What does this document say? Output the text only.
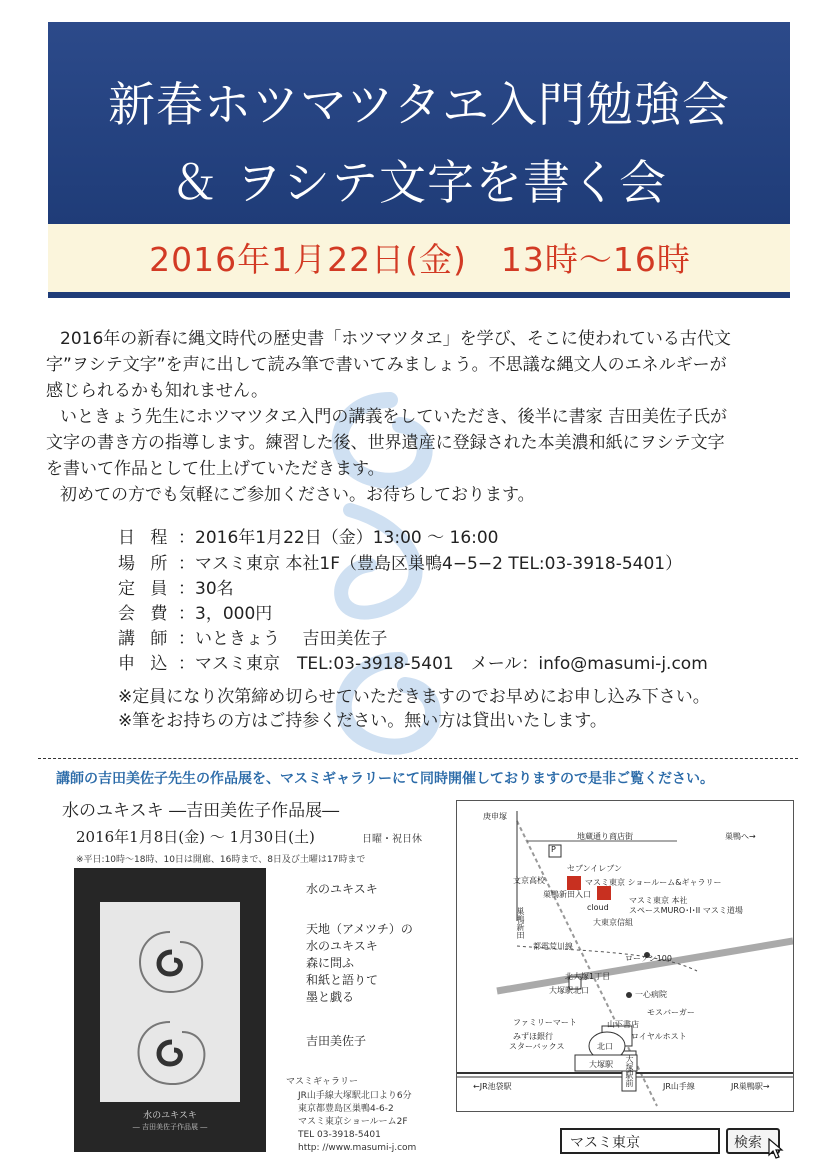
新春ホツマツタヱ入門勉強会
＆ ヲシテ文字を書く会
2016年1月22日(金)　13時～16時
2016年の新春に縄文時代の歴史書「ホツマツタヱ」を学び、そこに使われている古代文
字”ヲシテ文字”を声に出して読み筆で書いてみましょう。不思議な縄文人のエネルギーが
感じられるかも知れません。
いときょう先生にホツマツタヱ入門の講義をしていただき、後半に書家 吉田美佐子氏が
文字の書き方の指導します。練習した後、世界遺産に登録された本美濃和紙にヲシテ文字
を書いて作品として仕上げていただきます。
初めての方でも気軽にご参加ください。お待ちしております。
日 程 ：2016年1月22日（金）13:00 ～ 16:00
場 所 ：マスミ東京 本社1F（豊島区巣鴨4−5−2 TEL:03-3918-5401）
定 員 ：30名
会 費 ：3，000円
講 師 ：いときょう　 吉田美佐子
申 込 ：マスミ東京　TEL:03-3918-5401　メール：info@masumi-j.com
※定員になり次第締め切らせていただきますのでお早めにお申し込み下さい。
※筆をお持ちの方はご持参ください。無い方は貸出いたします。
講師の吉田美佐子先生の作品展を、マスミギャラリーにて同時開催しておりますので是非ご覧ください。
水のユキスキ ―吉田美佐子作品展―
2016年1月8日(金) ～ 1月30日(土)	日曜・祝日休
※平日:10時～18時、10日は開廊、16時まで、8日及び土曜は17時まで
水のユキスキ
― 吉田美佐子作品展 ―
水のユキスキ
天地（アメツチ）の
水のユキスキ
森に問ふ
和紙と語りて
墨と戯る
吉田美佐子
マスミギャラリー
JR山手線大塚駅北口より6分
東京都豊島区巣鴨4-6-2
マスミ東京ショールーム2F
TEL 03-3918-5401
http: //www.masumi-j.com
庚申塚
地蔵通り商店街	巣鴨へ→
P
セブンイレブン
マスミ東京 ショールーム&ギャラリー
文京高校
巣鴨新田入口
cloud
マスミ東京 本社
スペースMURO･I･II マスミ道場
大東京信組
巣鴨新田
都電荒川線
ローソン100
北大塚1丁目
大塚駅北口	一心病院
モスバーガー
ファミリーマート	山下書店
みずほ銀行
スターバックス
ロイヤルホスト
北口
大塚駅 大塚駅前
←JR池袋駅	JR山手線	JR巣鴨駅→
マスミ東京	検索
